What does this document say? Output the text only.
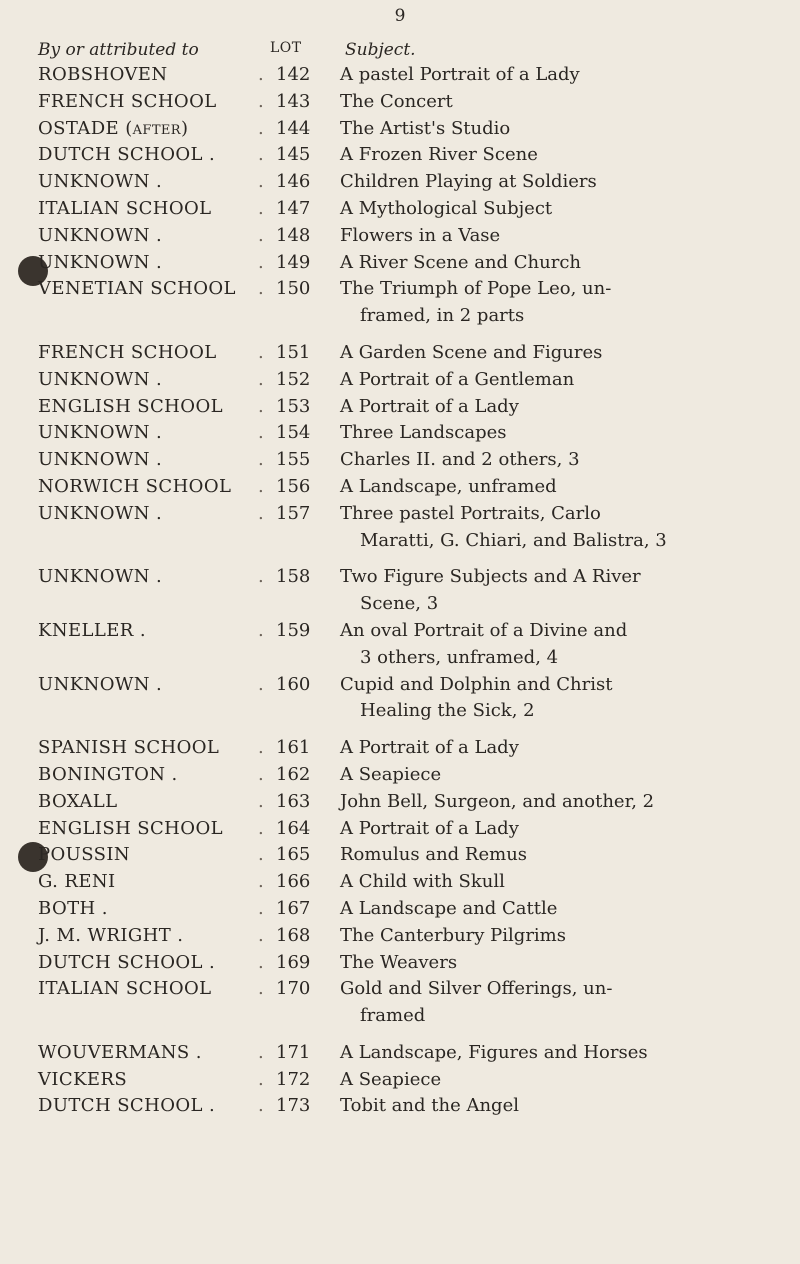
9
By or attributed to	LOT	Subject.
ROBSHOVEN	. 142	A pastel Portrait of a Lady
FRENCH SCHOOL . 143	The Concert
OSTADE (after)	. 144	The Artist's Studio
DUTCH SCHOOL . . 145	A Frozen River Scene
UNKNOWN .	. 146	Children Playing at Soldiers
ITALIAN SCHOOL	. 147	A Mythological Subject
UNKNOWN .	. 148	Flowers in a Vase
UNKNOWN .	. 149	A River Scene and Church
VENETIAN SCHOOL . 150	The Triumph of Pope Leo, un-
framed, in 2 parts
FRENCH SCHOOL . 151	A Garden Scene and Figures
UNKNOWN .	. 152	A Portrait of a Gentleman
ENGLISH SCHOOL . 153	A Portrait of a Lady
UNKNOWN .	. 154	Three Landscapes
UNKNOWN .	. 155	Charles II. and 2 others, 3
NORWICH SCHOOL . 156	A Landscape, unframed
UNKNOWN .	. 157	Three pastel Portraits, Carlo
Maratti, G. Chiari, and Balistra, 3
UNKNOWN .	. 158	Two Figure Subjects and A River
Scene, 3
KNELLER .	. 159	An oval Portrait of a Divine and
3 others, unframed, 4
UNKNOWN .	. 160	Cupid and Dolphin and Christ
Healing the Sick, 2
SPANISH SCHOOL . 161	A Portrait of a Lady
BONINGTON .	. 162	A Seapiece
BOXALL	. 163	John Bell, Surgeon, and another, 2
ENGLISH SCHOOL . 164	A Portrait of a Lady
POUSSIN	. 165	Romulus and Remus
G. RENI	. 166	A Child with Skull
BOTH .	. 167	A Landscape and Cattle
J. M. WRIGHT .	. 168	The Canterbury Pilgrims
DUTCH SCHOOL . . 169	The Weavers
ITALIAN SCHOOL	. 170	Gold and Silver Offerings, un-
framed
WOUVERMANS .	. 171	A Landscape, Figures and Horses
VICKERS	. 172	A Seapiece
DUTCH SCHOOL . . 173	Tobit and the Angel
